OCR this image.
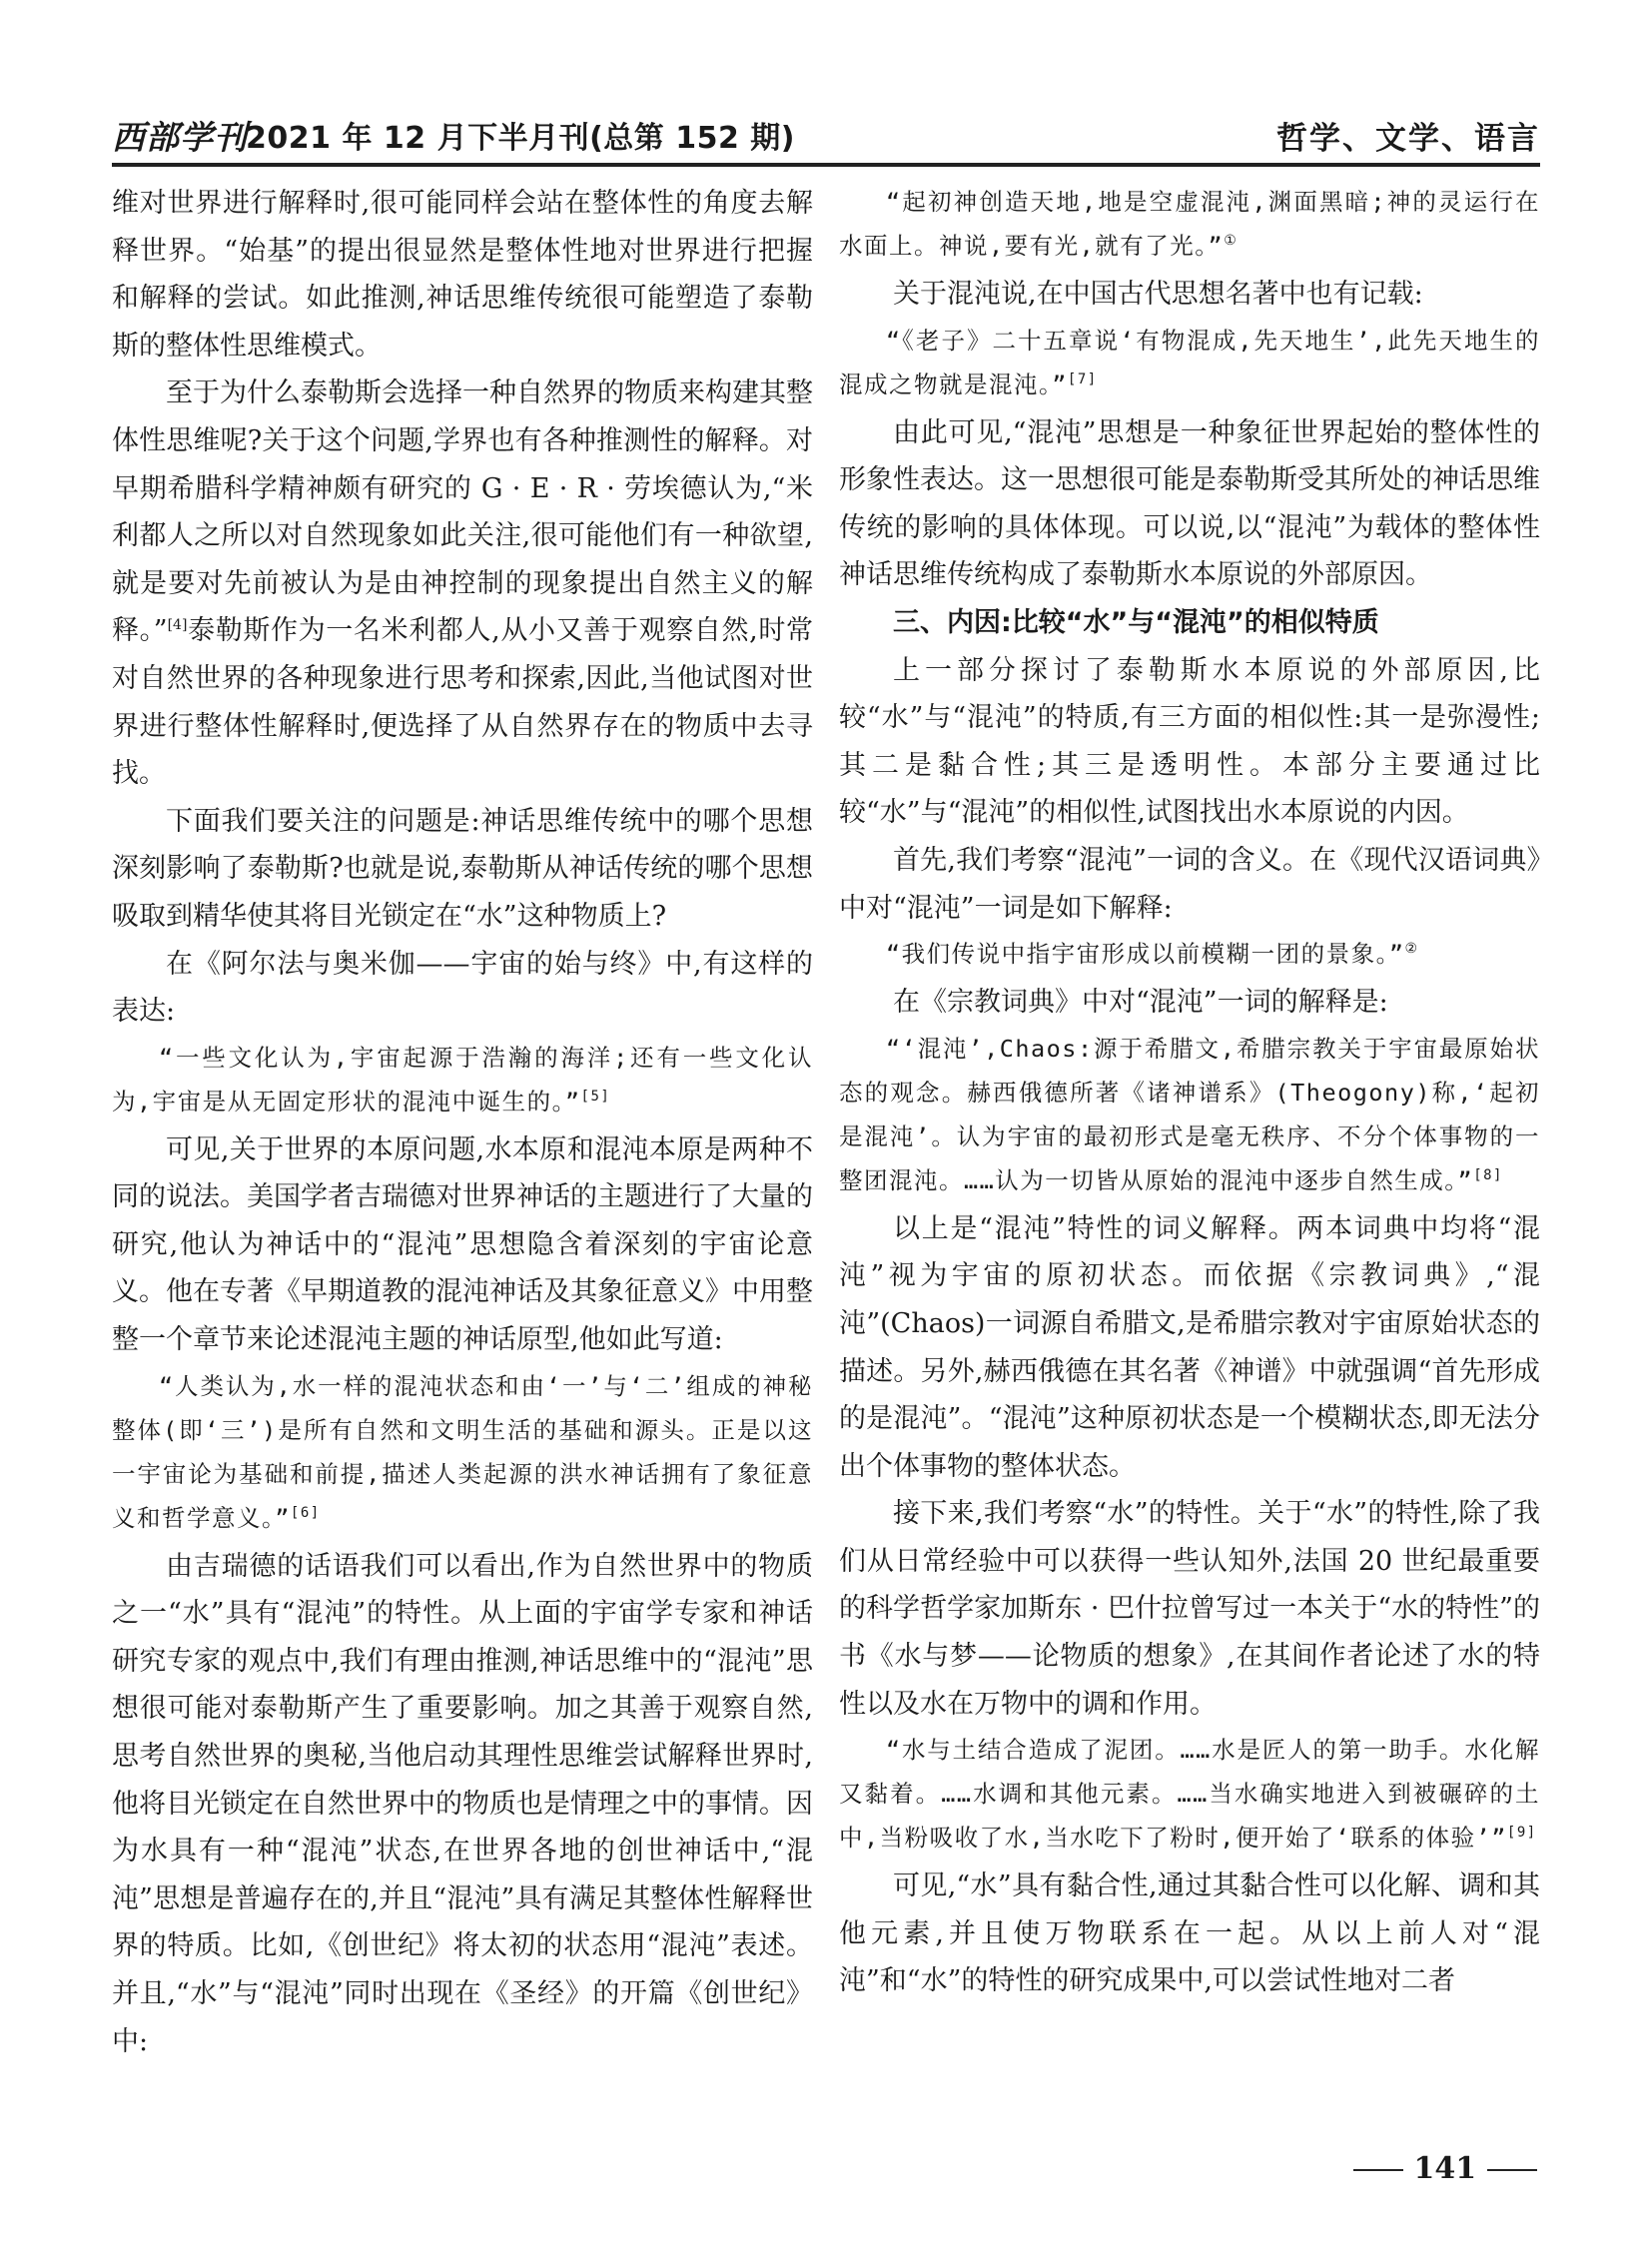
西部学刊
2021 年 12 月下半月刊(总第 152 期)	哲学、文学、语言

维对世界进行解释时,很可能同样会站在整体性的角度去解释世界。“始基”的提出很显然是整体性地对世界进行把握和解释的尝试。如此推测,神话思维传统很可能塑造了泰勒斯的整体性思维模式。

至于为什么泰勒斯会选择一种自然界的物质来构建其整体性思维呢?关于这个问题,学界也有各种推测性的解释。对早期希腊科学精神颇有研究的 G · E · R · 劳埃德认为,“米利都人之所以对自然现象如此关注,很可能他们有一种欲望,就是要对先前被认为是由神控制的现象提出自然主义的解释。”[4]泰勒斯作为一名米利都人,从小又善于观察自然,时常对自然世界的各种现象进行思考和探索,因此,当他试图对世界进行整体性解释时,便选择了从自然界存在的物质中去寻找。

下面我们要关注的问题是:神话思维传统中的哪个思想深刻影响了泰勒斯?也就是说,泰勒斯从神话传统的哪个思想吸取到精华使其将目光锁定在“水”这种物质上?

在《阿尔法与奥米伽——宇宙的始与终》中,有这样的表达:

“一些文化认为,宇宙起源于浩瀚的海洋;还有一些文化认为,宇宙是从无固定形状的混沌中诞生的。”[5]

可见,关于世界的本原问题,水本原和混沌本原是两种不同的说法。美国学者吉瑞德对世界神话的主题进行了大量的研究,他认为神话中的“混沌”思想隐含着深刻的宇宙论意义。他在专著《早期道教的混沌神话及其象征意义》中用整整一个章节来论述混沌主题的神话原型,他如此写道:

“人类认为,水一样的混沌状态和由‘一’与‘二’组成的神秘整体(即‘三’)是所有自然和文明生活的基础和源头。正是以这一宇宙论为基础和前提,描述人类起源的洪水神话拥有了象征意义和哲学意义。”[6]

由吉瑞德的话语我们可以看出,作为自然世界中的物质之一“水”具有“混沌”的特性。从上面的宇宙学专家和神话研究专家的观点中,我们有理由推测,神话思维中的“混沌”思想很可能对泰勒斯产生了重要影响。加之其善于观察自然,思考自然世界的奥秘,当他启动其理性思维尝试解释世界时,他将目光锁定在自然世界中的物质也是情理之中的事情。因为水具有一种“混沌”状态,在世界各地的创世神话中,“混沌”思想是普遍存在的,并且“混沌”具有满足其整体性解释世界的特质。比如,《创世纪》将太初的状态用“混沌”表述。并且,“水”与“混沌”同时出现在《圣经》的开篇《创世纪》中:

“起初神创造天地,地是空虚混沌,渊面黑暗;神的灵运行在水面上。神说,要有光,就有了光。”①

关于混沌说,在中国古代思想名著中也有记载:

“《老子》二十五章说‘有物混成,先天地生’,此先天地生的混成之物就是混沌。”[7]

由此可见,“混沌”思想是一种象征世界起始的整体性的形象性表达。这一思想很可能是泰勒斯受其所处的神话思维传统的影响的具体体现。可以说,以“混沌”为载体的整体性神话思维传统构成了泰勒斯水本原说的外部原因。

三、内因:比较“水”与“混沌”的相似特质

上一部分探讨了泰勒斯水本原说的外部原因,比较“水”与“混沌”的特质,有三方面的相似性:其一是弥漫性;其二是黏合性;其三是透明性。本部分主要通过比较“水”与“混沌”的相似性,试图找出水本原说的内因。

首先,我们考察“混沌”一词的含义。在《现代汉语词典》中对“混沌”一词是如下解释:

“我们传说中指宇宙形成以前模糊一团的景象。”②

在《宗教词典》中对“混沌”一词的解释是:

“‘混沌’,Chaos:源于希腊文,希腊宗教关于宇宙最原始状态的观念。赫西俄德所著《诸神谱系》(Theogony)称,‘起初是混沌’。认为宇宙的最初形式是毫无秩序、不分个体事物的一整团混沌。……认为一切皆从原始的混沌中逐步自然生成。”[8]

以上是“混沌”特性的词义解释。两本词典中均将“混沌”视为宇宙的原初状态。而依据《宗教词典》,“混沌”(Chaos)一词源自希腊文,是希腊宗教对宇宙原始状态的描述。另外,赫西俄德在其名著《神谱》中就强调“首先形成的是混沌”。“混沌”这种原初状态是一个模糊状态,即无法分出个体事物的整体状态。

接下来,我们考察“水”的特性。关于“水”的特性,除了我们从日常经验中可以获得一些认知外,法国 20 世纪最重要的科学哲学家加斯东 · 巴什拉曾写过一本关于“水的特性”的书《水与梦——论物质的想象》,在其间作者论述了水的特性以及水在万物中的调和作用。

“水与土结合造成了泥团。……水是匠人的第一助手。水化解又黏着。……水调和其他元素。……当水确实地进入到被碾碎的土中,当粉吸收了水,当水吃下了粉时,便开始了‘联系的体验’”[9]

可见,“水”具有黏合性,通过其黏合性可以化解、调和其他元素,并且使万物联系在一起。从以上前人对“混沌”和“水”的特性的研究成果中,可以尝试性地对二者

141
